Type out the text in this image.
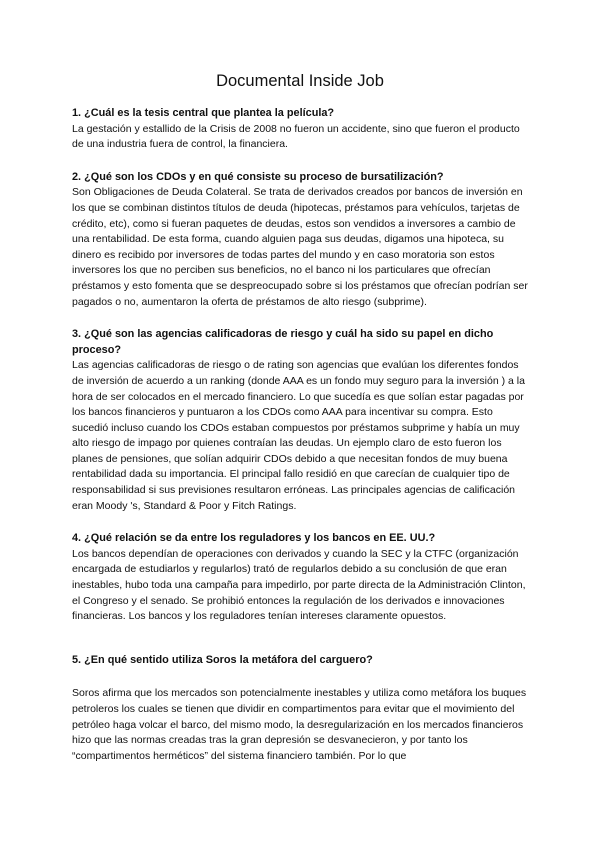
Documental Inside Job

1. ¿Cuál es la tesis central que plantea la película?

La gestación y estallido de la Crisis de 2008 no fueron un accidente, sino que fueron el producto de una industria fuera de control, la financiera.

2. ¿Qué son los CDOs y en qué consiste su proceso de bursatilización?

Son Obligaciones de Deuda Colateral. Se trata de derivados creados por bancos de inversión en los que se combinan distintos títulos de deuda (hipotecas, préstamos para vehículos, tarjetas de crédito, etc), como si fueran paquetes de deudas, estos son vendidos a inversores a cambio de una rentabilidad. De esta forma, cuando alguien paga sus deudas, digamos una hipoteca, su dinero es recibido por inversores de todas partes del mundo y en caso moratoria son estos inversores los que no perciben sus beneficios, no el banco ni los particulares que ofrecían préstamos y esto fomenta que se despreocupado sobre si los préstamos que ofrecían podrían ser pagados o no, aumentaron la oferta de préstamos de alto riesgo (subprime).

3. ¿Qué son las agencias calificadoras de riesgo y cuál ha sido su papel en dicho proceso?

Las agencias calificadoras de riesgo o de rating son agencias que evalúan los diferentes fondos de inversión de acuerdo a un ranking (donde AAA es un fondo muy seguro para la inversión ) a la hora de ser colocados en el mercado financiero. Lo que sucedía es que solían estar pagadas por los bancos financieros y puntuaron a los CDOs como AAA para incentivar su compra. Esto sucedió incluso cuando los CDOs estaban compuestos por préstamos subprime y había un muy alto riesgo de impago por quienes contraían las deudas. Un ejemplo claro de esto fueron los planes de pensiones, que solían adquirir CDOs debido a que necesitan fondos de muy buena rentabilidad dada su importancia. El principal fallo residió en que carecían de cualquier tipo de responsabilidad si sus previsiones resultaron erróneas. Las principales agencias de calificación eran Moody 's, Standard & Poor y Fitch Ratings.

4. ¿Qué relación se da entre los reguladores y los bancos en EE. UU.?

Los bancos dependían de operaciones con derivados y cuando la SEC y la CTFC (organización encargada de estudiarlos y regularlos) trató de regularlos debido a su conclusión de que eran inestables, hubo toda una campaña para impedirlo, por parte directa de la Administración Clinton, el Congreso y el senado. Se prohibió entonces la regulación de los derivados e innovaciones financieras. Los bancos y los reguladores tenían intereses claramente opuestos.

5. ¿En qué sentido utiliza Soros la metáfora del carguero?

Soros afirma que los mercados son potencialmente inestables y utiliza como metáfora los buques petroleros los cuales se tienen que dividir en compartimentos para evitar que el movimiento del petróleo haga volcar el barco, del mismo modo, la desregularización en los mercados financieros hizo que las normas creadas tras la gran depresión se desvanecieron, y por tanto los “compartimentos herméticos” del sistema financiero también. Por lo que
